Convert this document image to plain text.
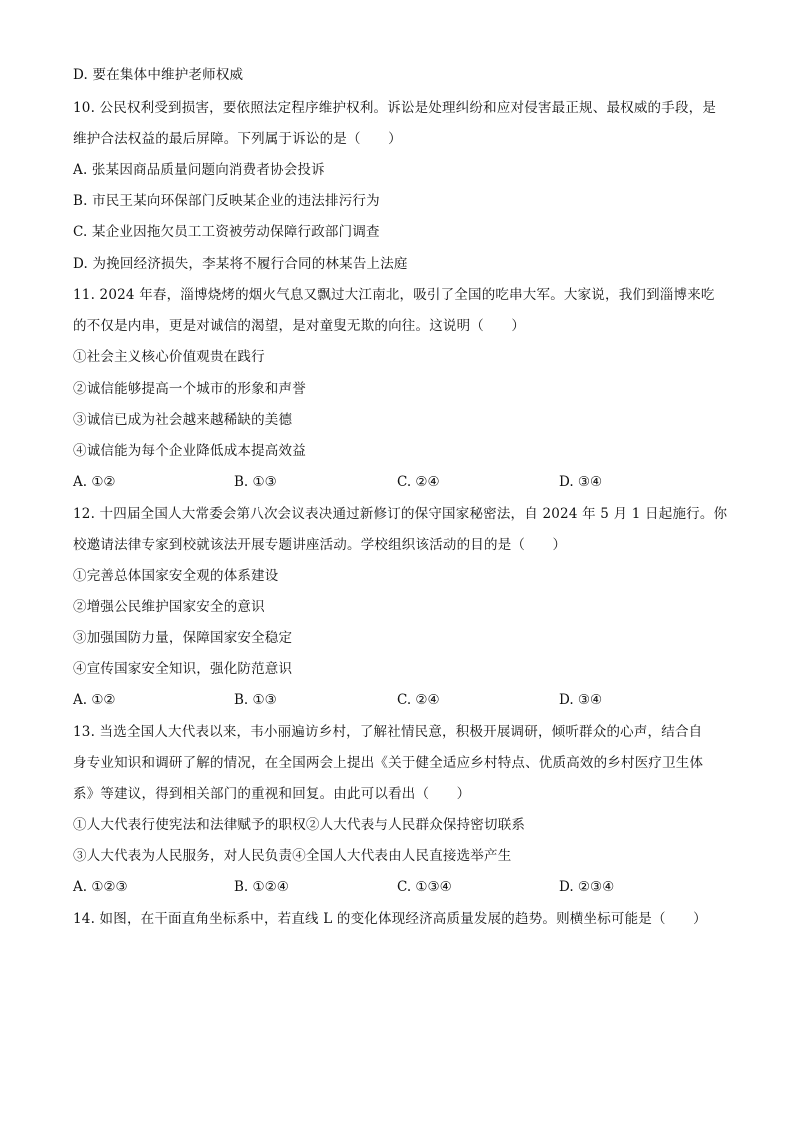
D. 要在集体中维护老师权威
10. 公民权利受到损害，要依照法定程序维护权利。诉讼是处理纠纷和应对侵害最正规、最权威的手段，是
维护合法权益的最后屏障。下列属于诉讼的是（　　）
A. 张某因商品质量问题向消费者协会投诉
B. 市民王某向环保部门反映某企业的违法排污行为
C. 某企业因拖欠员工工资被劳动保障行政部门调查
D. 为挽回经济损失，李某将不履行合同的林某告上法庭
11. 2024 年春，淄博烧烤的烟火气息又飘过大江南北，吸引了全国的吃串大军。大家说，我们到淄博来吃
的不仅是内串，更是对诚信的渴望，是对童叟无欺的向往。这说明（　　）
①社会主义核心价值观贵在践行
②诚信能够提高一个城市的形象和声誉
③诚信已成为社会越来越稀缺的美德
④诚信能为每个企业降低成本提高效益
A. ①②	B. ①③	C. ②④	D. ③④
12. 十四届全国人大常委会第八次会议表决通过新修订的保守国家秘密法，自 2024 年 5 月 1 日起施行。你
校邀请法律专家到校就该法开展专题讲座活动。学校组织该活动的目的是（　　）
①完善总体国家安全观的体系建设
②增强公民维护国家安全的意识
③加强国防力量，保障国家安全稳定
④宣传国家安全知识，强化防范意识
A. ①②	B. ①③	C. ②④	D. ③④
13. 当选全国人大代表以来，韦小丽遍访乡村，了解社情民意，积极开展调研，倾听群众的心声，结合自
身专业知识和调研了解的情况，在全国两会上提出《关于健全适应乡村特点、优质高效的乡村医疗卫生体
系》等建议，得到相关部门的重视和回复。由此可以看出（　　）
①人大代表行使宪法和法律赋予的职权②人大代表与人民群众保持密切联系
③人大代表为人民服务，对人民负责④全国人大代表由人民直接选举产生
A. ①②③	B. ①②④	C. ①③④	D. ②③④
14. 如图，在干面直角坐标系中，若直线 L 的变化体现经济高质量发展的趋势。则横坐标可能是（　　）
